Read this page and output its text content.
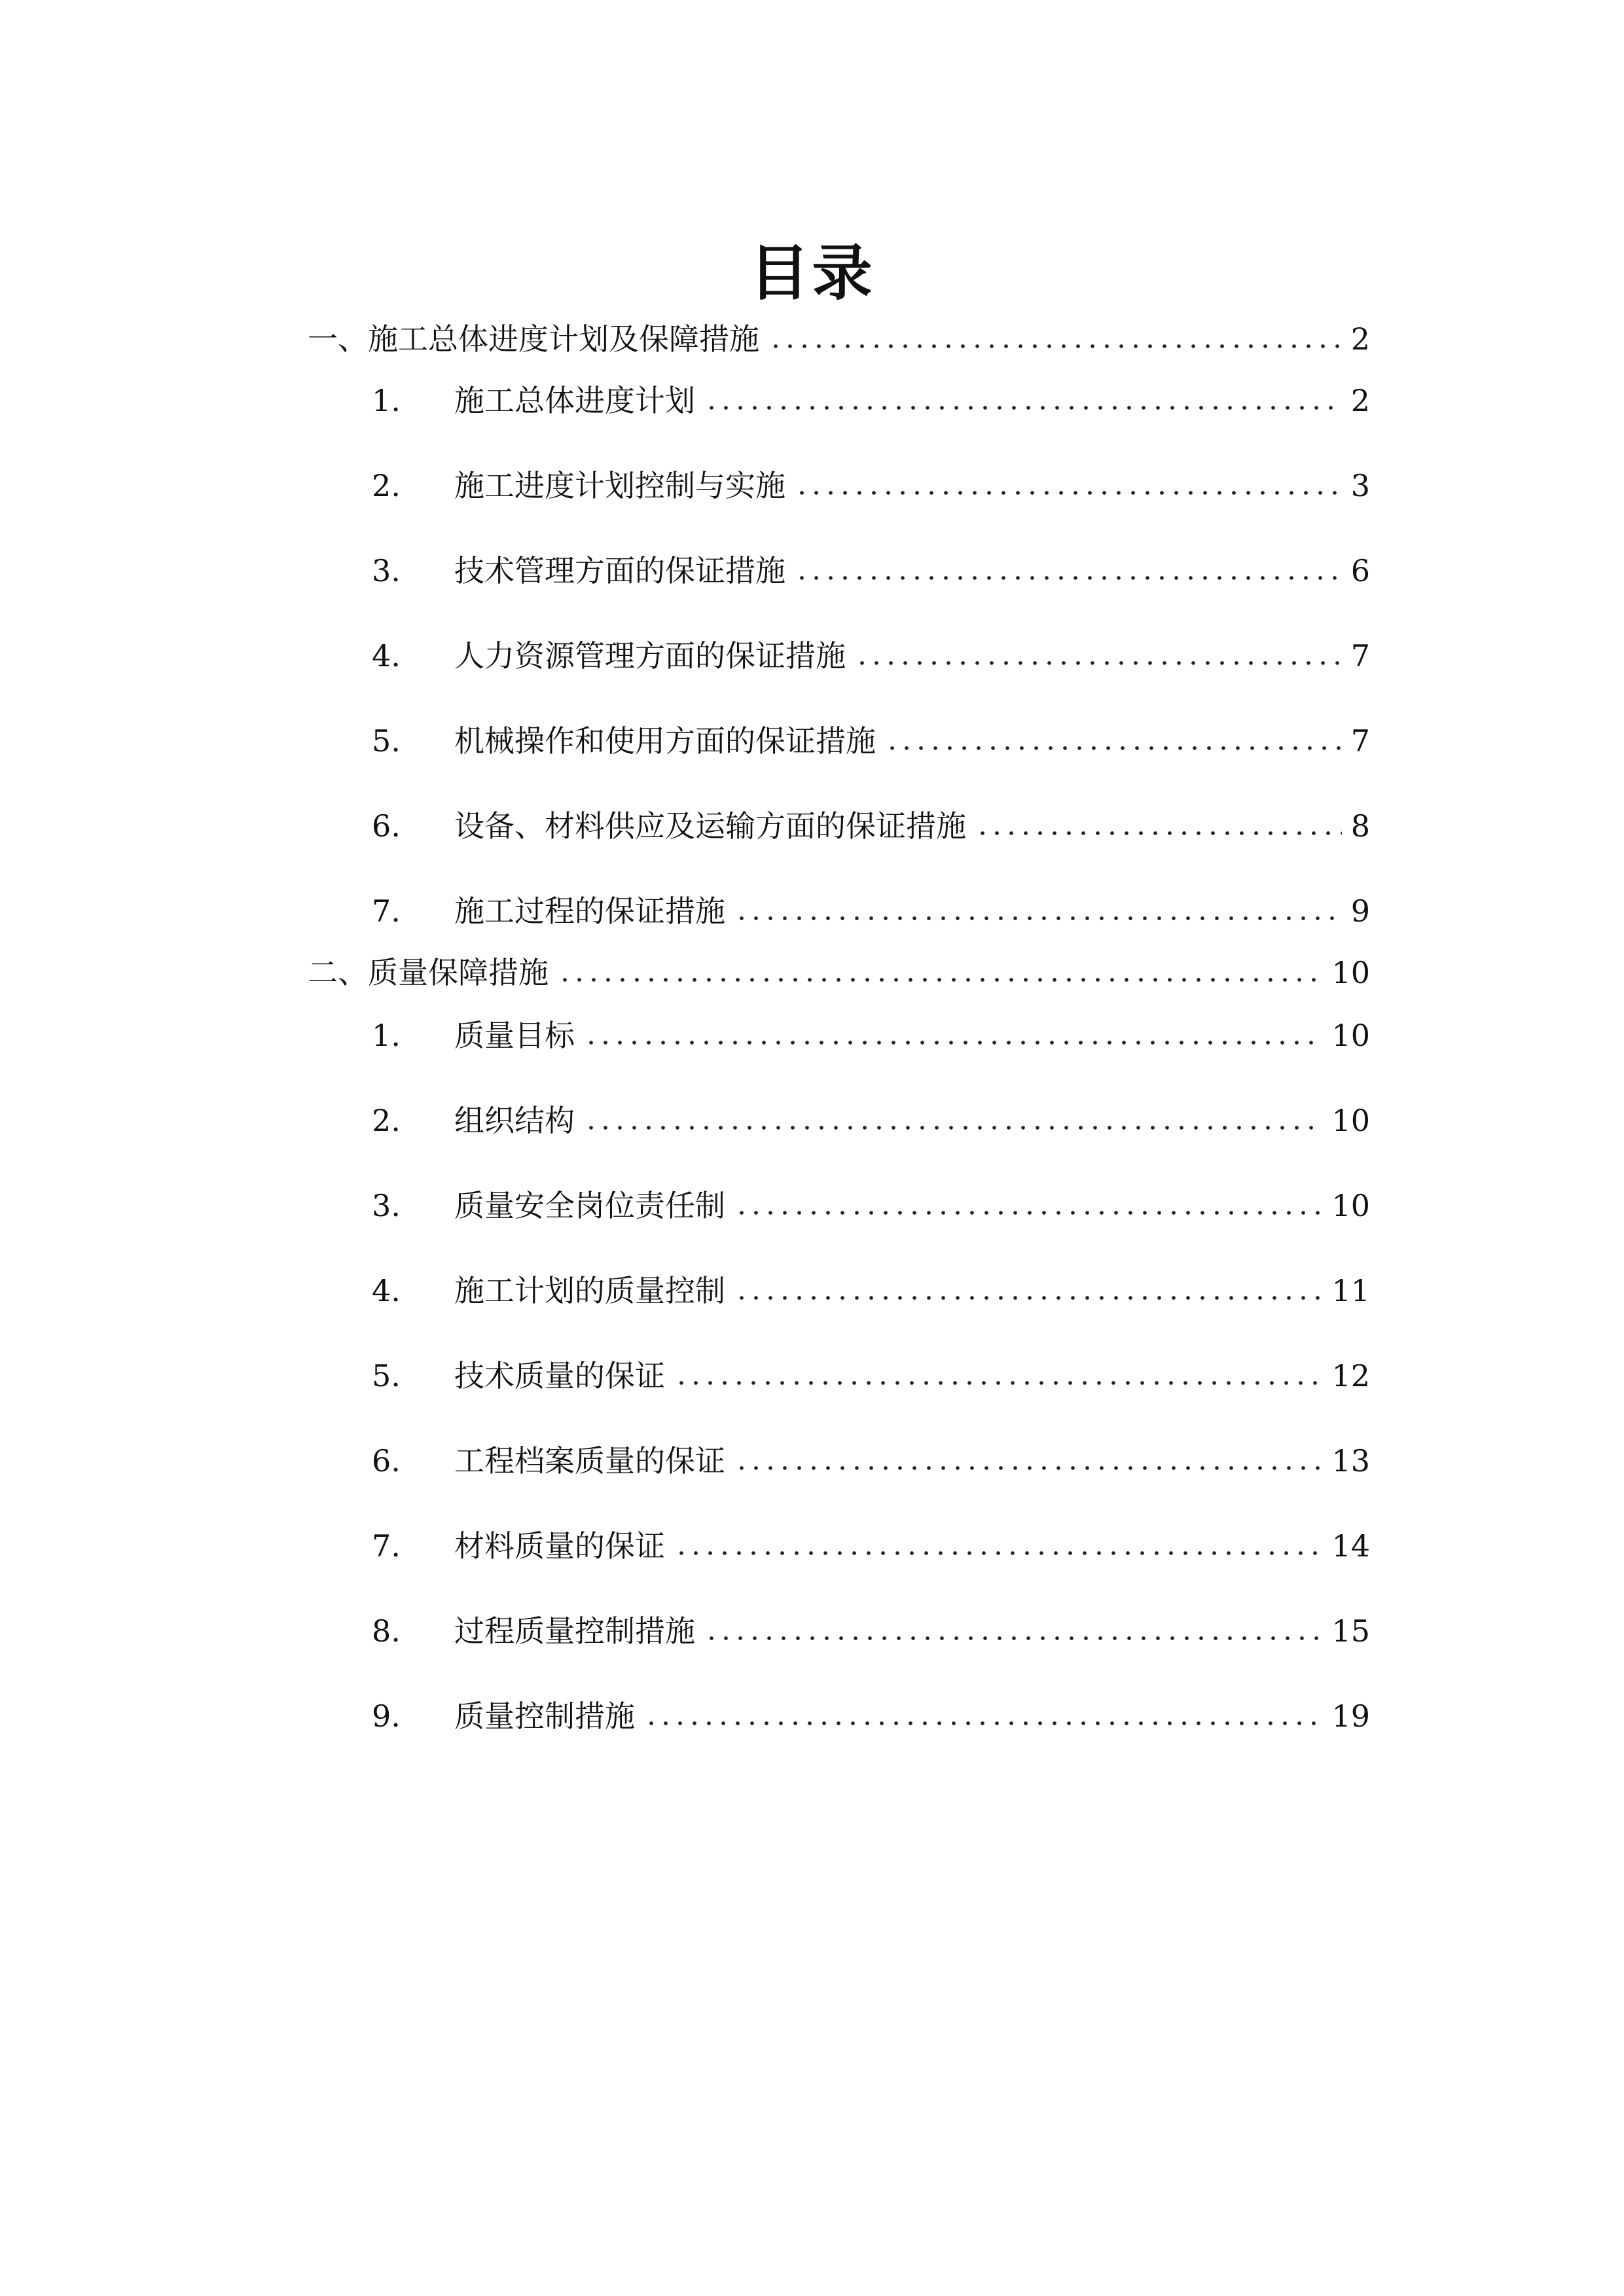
目录
一、施工总体进度计划及保障措施	2
1.	施工总体进度计划	2
2.	施工进度计划控制与实施	3
3.	技术管理方面的保证措施	6
4.	人力资源管理方面的保证措施	7
5.	机械操作和使用方面的保证措施	7
6.	设备、材料供应及运输方面的保证措施	8
7.	施工过程的保证措施	9
二、质量保障措施	10
1.	质量目标	10
2.	组织结构	10
3.	质量安全岗位责任制	10
4.	施工计划的质量控制	11
5.	技术质量的保证	12
6.	工程档案质量的保证	13
7.	材料质量的保证	14
8.	过程质量控制措施	15
9.	质量控制措施	19
